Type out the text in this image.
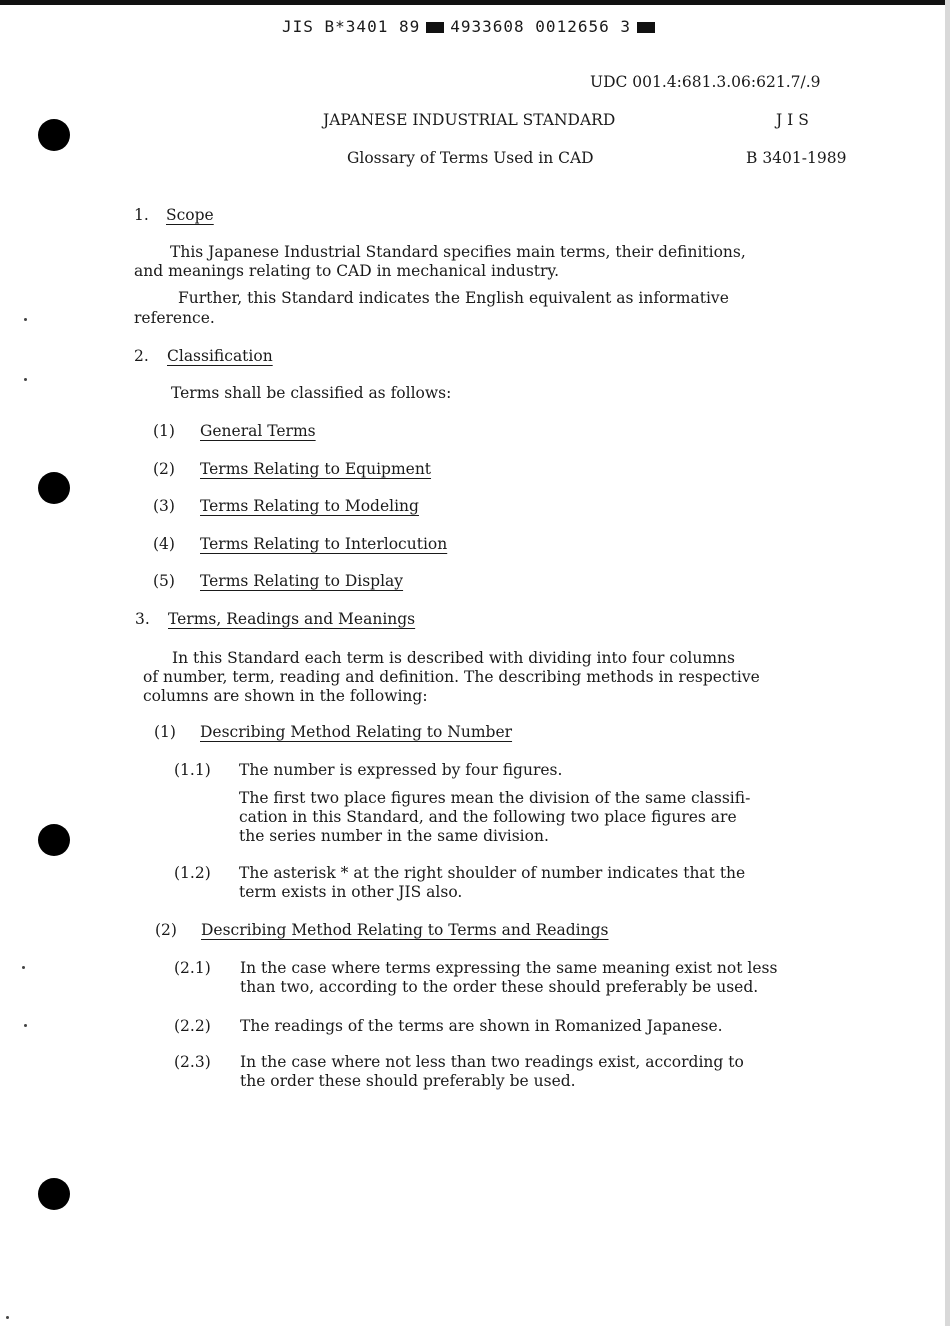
JIS B*3401 89 4933608 0012656 3
UDC 001.4:681.3.06:621.7/.9
JAPANESE INDUSTRIAL STANDARD	J I S
Glossary of Terms Used in CAD	B 3401-1989
1. Scope
This Japanese Industrial Standard specifies main terms, their definitions,
and meanings relating to CAD in mechanical industry.
Further, this Standard indicates the English equivalent as informative
reference.
2. Classification
Terms shall be classified as follows:
(1) General Terms
(2) Terms Relating to Equipment
(3) Terms Relating to Modeling
(4) Terms Relating to Interlocution
(5) Terms Relating to Display
3. Terms, Readings and Meanings
In this Standard each term is described with dividing into four columns
of number, term, reading and definition. The describing methods in respective
columns are shown in the following:
(1) Describing Method Relating to Number
(1.1) The number is expressed by four figures.
The first two place figures mean the division of the same classifi-
cation in this Standard, and the following two place figures are
the series number in the same division.
(1.2) The asterisk * at the right shoulder of number indicates that the
term exists in other JIS also.
(2) Describing Method Relating to Terms and Readings
(2.1) In the case where terms expressing the same meaning exist not less
than two, according to the order these should preferably be used.
(2.2) The readings of the terms are shown in Romanized Japanese.
(2.3) In the case where not less than two readings exist, according to
the order these should preferably be used.
